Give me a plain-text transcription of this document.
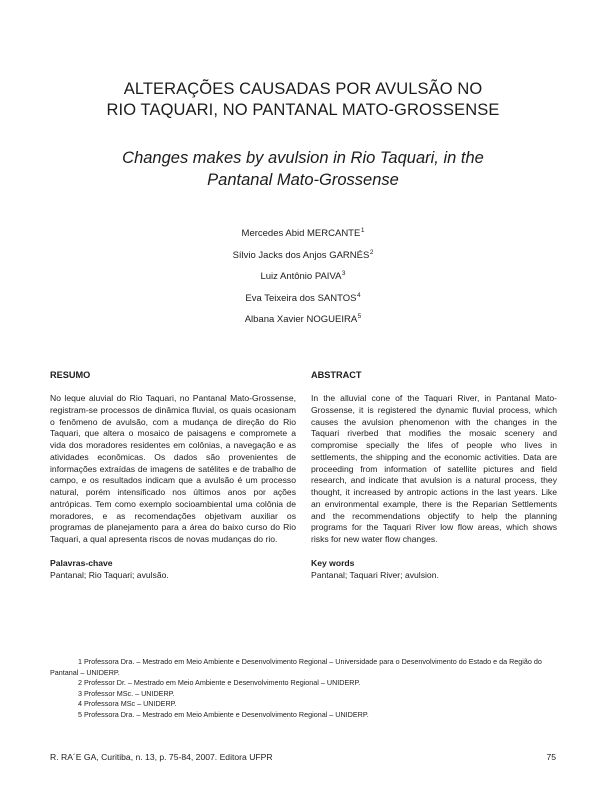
ALTERAÇÕES CAUSADAS POR AVULSÃO NO
RIO TAQUARI, NO PANTANAL MATO-GROSSENSE
Changes makes by avulsion in Rio Taquari, in the
Pantanal Mato-Grossense
Mercedes Abid MERCANTE$^1$
Sílvio Jacks dos Anjos GARNÉS$^2$
Luiz Antônio PAIVA$^3$
Eva Teixeira dos SANTOS$^4$
Albana Xavier NOGUEIRA$^5$
RESUMO

No leque aluvial do Rio Taquari, no Pantanal Mato-Grossense, registram-se processos de dinâmica fluvial, os quais ocasionam o fenômeno de avulsão, com a mudança de direção do Rio Taquari, que altera o mosaico de paisagens e compromete a vida dos moradores residentes em colônias, a navegação e as atividades econômicas. Os dados são provenientes de informações extraídas de imagens de satélites e de trabalho de campo, e os resultados indicam que a avulsão é um processo natural, porém intensificado nos últimos anos por ações antrópicas. Tem como exemplo socioambiental uma colônia de moradores, e as recomendações objetivam auxiliar os programas de planejamento para a área do baixo curso do Rio Taquari, a qual apresenta riscos de novas mudanças do rio.

Palavras-chave

Pantanal; Rio Taquari; avulsão.

ABSTRACT

In the alluvial cone of the Taquari River, in Pantanal Mato-Grossense, it is registered the dynamic fluvial process, which causes the avulsion phenomenon with the changes in the Taquari riverbed that modifies the mosaic scenery and compromise specially the lifes of people who lives in settlements, the shipping and the economic activities. Data are proceeding from information of satellite pictures and field research, and indicate that avulsion is a natural process, they thought, it increased by antropic actions in the last years. Like an environmental example, there is the Reparian Settlements and the recommendations objectify to help the planning programs for the Taquari River low flow areas, which shows risks for new water flow changes.

Key words

Pantanal; Taquari River; avulsion.

1 Professora Dra. – Mestrado em Meio Ambiente e Desenvolvimento Regional – Universidade para o Desenvolvimento do Estado e da Região do Pantanal – UNIDERP.
2 Professor Dr. – Mestrado em Meio Ambiente e Desenvolvimento Regional – UNIDERP.
3 Professor MSc. – UNIDERP.
4 Professora MSc – UNIDERP.
5 Professora Dra. – Mestrado em Meio Ambiente e Desenvolvimento Regional – UNIDERP.
R. RA´E GA, Curitiba, n. 13, p. 75-84, 2007. Editora UFPR	75
